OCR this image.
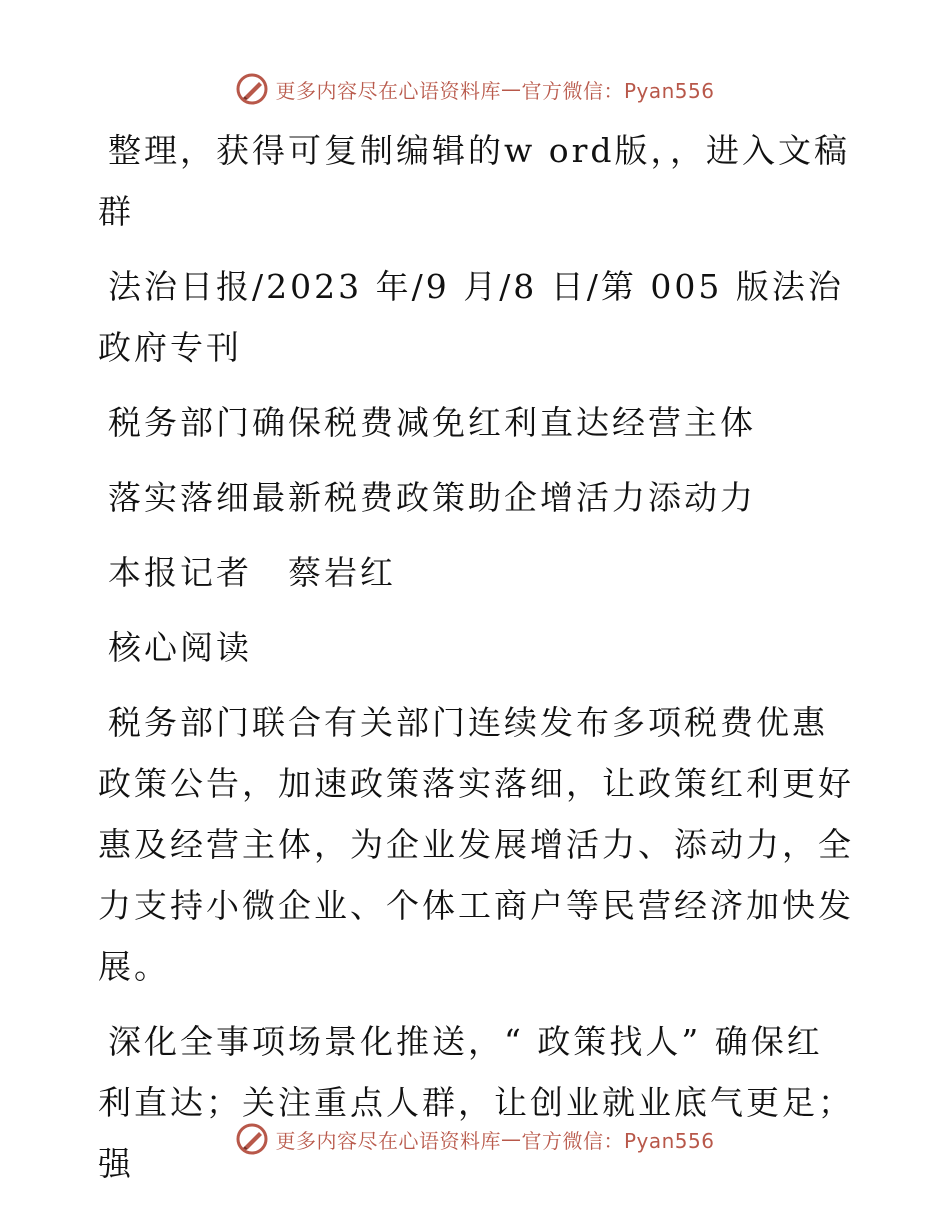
更多内容尽在心语资料库 — 官方微信：Pyan556

整理，获得可复制编辑的w ord版，，进入文稿群

法治日报/2023 年/9 月/8 日/第 005 版法治政府专刊

税务部门确保税费减免红利直达经营主体

落实落细最新税费政策助企增活力添动力

本报记者　蔡岩红

核心阅读

税务部门联合有关部门连续发布多项税费优惠政策公告，加速政策落实落细，让政策红利更好惠及经营主体，为企业发展增活力、添动力，全力支持小微企业、个体工商户等民营经济加快发展。

深化全事项场景化推送，“ 政策找人” 确保红利直达；关注重点人群，让创业就业底气更足；强

更多内容尽在心语资料库 — 官方微信：Pyan556
